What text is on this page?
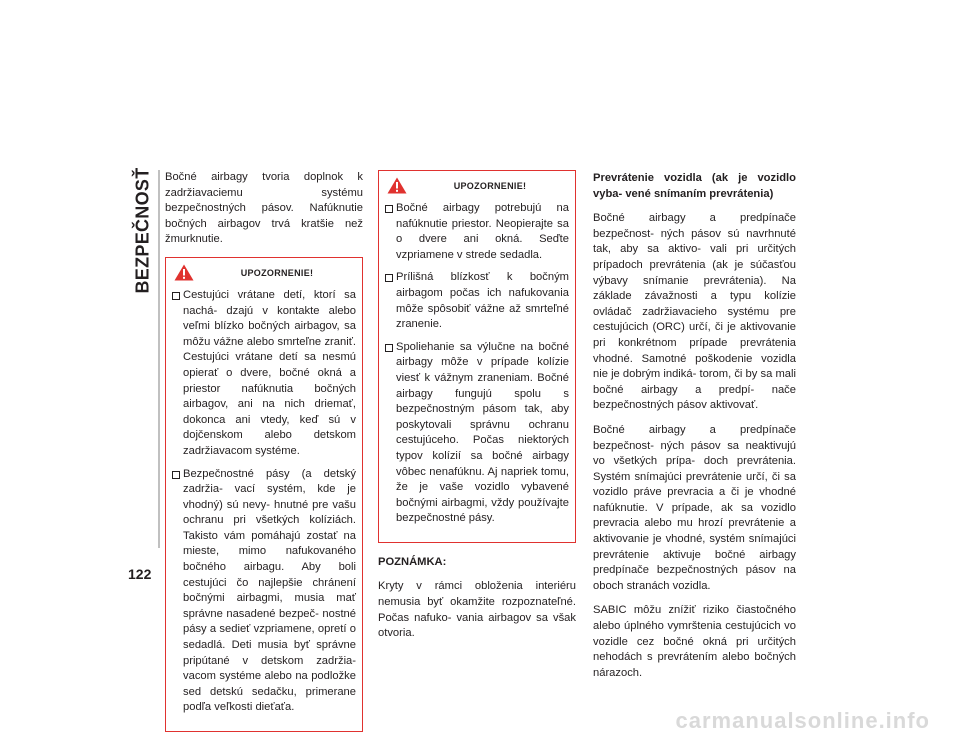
BEZPEČNOSŤ
122

Bočné airbagy tvoria doplnok k zadržiavaciemu systému bezpečnostných pásov. Nafúknutie bočných airbagov trvá kratšie než žmurknutie.

UPOZORNENIE!
Cestujúci vrátane detí, ktorí sa nachá- dzajú v kontakte alebo veľmi blízko bočných airbagov, sa môžu vážne alebo smrteľne zraniť. Cestujúci vrátane detí sa nesmú opierať o dvere, bočné okná a priestor nafúknutia bočných airbagov, ani na nich driemať, dokonca ani vtedy, keď sú v dojčenskom alebo detskom zadržiavacom systéme.
Bezpečnostné pásy (a detský zadržia- vací systém, kde je vhodný) sú nevy- hnutné pre vašu ochranu pri všetkých kolíziách. Takisto vám pomáhajú zostať na mieste, mimo nafukovaného bočného airbagu. Aby boli cestujúci čo najlepšie chránení bočnými airbagmi, musia mať správne nasadené bezpeč- nostné pásy a sedieť vzpriamene, opretí o sedadlá. Deti musia byť správne pripútané v detskom zadržia- vacom systéme alebo na podložke sed detskú sedačku, primerane podľa veľkosti dieťaťa.
UPOZORNENIE!
Bočné airbagy potrebujú na nafúknutie priestor. Neopierajte sa o dvere ani okná. Seďte vzpriamene v strede sedadla.
Prílišná blízkosť k bočným airbagom počas ich nafukovania môže spôsobiť vážne až smrteľné zranenie.
Spoliehanie sa výlučne na bočné airbagy môže v prípade kolízie viesť k vážnym zraneniam. Bočné airbagy fungujú spolu s bezpečnostným pásom tak, aby poskytovali správnu ochranu cestujúceho. Počas niektorých typov kolízií sa bočné airbagy vôbec nenafúknu. Aj napriek tomu, že je vaše vozidlo vybavené bočnými airbagmi, vždy používajte bezpečnostné pásy.

POZNÁMKA:

Kryty v rámci obloženia interiéru nemusia byť okamžite rozpoznateľné. Počas nafuko- vania airbagov sa však otvoria.

Prevrátenie vozidla (ak je vozidlo vyba- vené snímaním prevrátenia)

Bočné airbagy a predpínače bezpečnost- ných pásov sú navrhnuté tak, aby sa aktivo- vali pri určitých prípadoch prevrátenia (ak je súčasťou výbavy snímanie prevrátenia). Na základe závažnosti a typu kolízie ovládač zadržiavacieho systému pre cestujúcich (ORC) určí, či je aktivovanie pri konkrétnom prípade prevrátenia vhodné. Samotné poškodenie vozidla nie je dobrým indiká- torom, či by sa mali bočné airbagy a predpí- nače bezpečnostných pásov aktivovať.

Bočné airbagy a predpínače bezpečnost- ných pásov sa neaktivujú vo všetkých prípa- doch prevrátenia. Systém snímajúci prevrátenie určí, či sa vozidlo práve prevracia a či je vhodné nafúknutie. V prípade, ak sa vozidlo prevracia alebo mu hrozí prevrátenie a aktivovanie je vhodné, systém snímajúci prevrátenie aktivuje bočné airbagy predpínače bezpečnostných pásov na oboch stranách vozidla.

SABIC môžu znížiť riziko čiastočného alebo úplného vymrštenia cestujúcich vo vozidle cez bočné okná pri určitých nehodách s prevrátením alebo bočných nárazoch.

carmanualsonline.info
